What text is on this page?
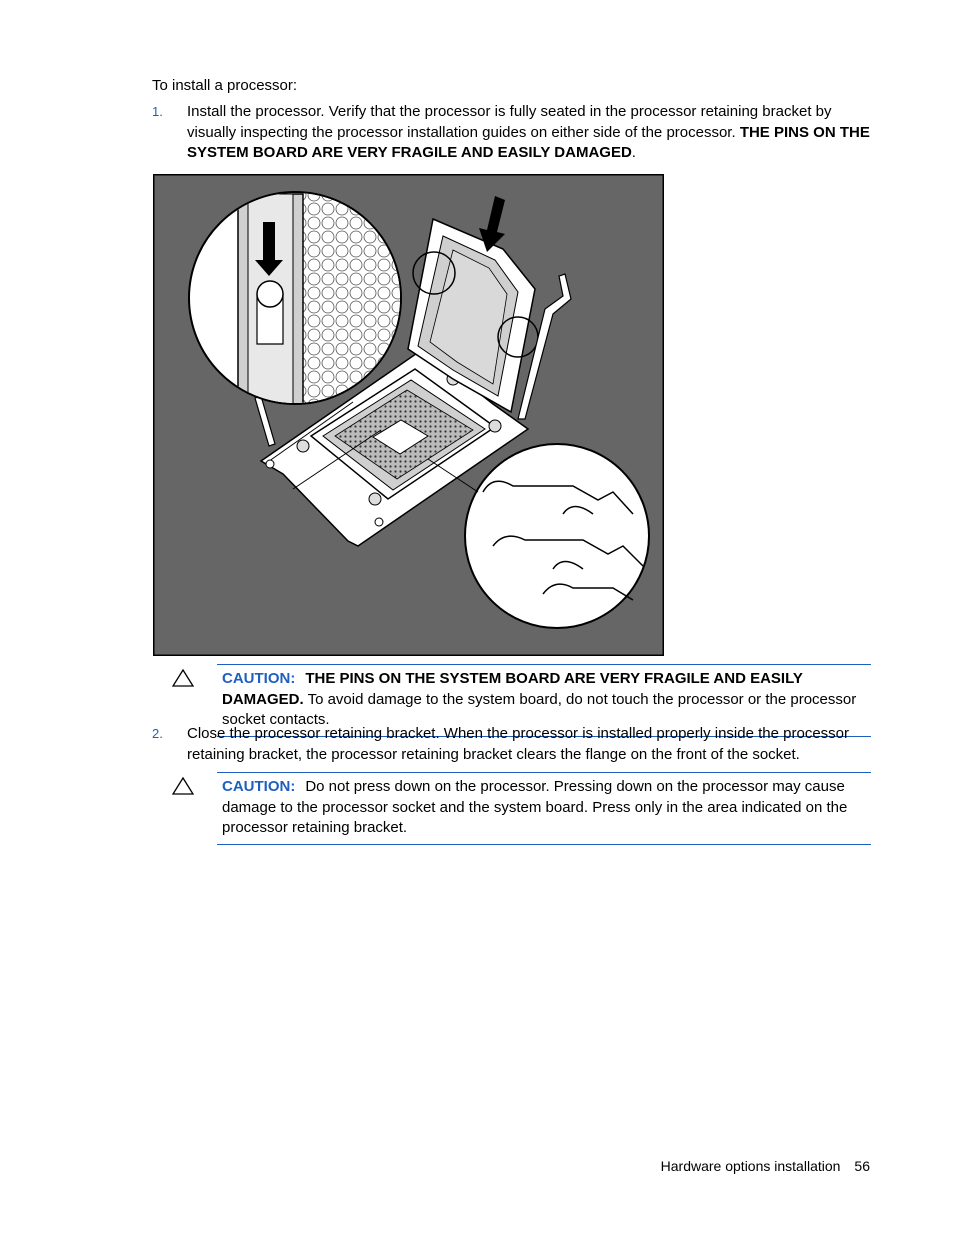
To install a processor:
1. Install the processor. Verify that the processor is fully seated in the processor retaining bracket by visually inspecting the processor installation guides on either side of the processor. THE PINS ON THE SYSTEM BOARD ARE VERY FRAGILE AND EASILY DAMAGED.
CAUTION: THE PINS ON THE SYSTEM BOARD ARE VERY FRAGILE AND EASILY DAMAGED. To avoid damage to the system board, do not touch the processor or the processor socket contacts.
2. Close the processor retaining bracket. When the processor is installed properly inside the processor retaining bracket, the processor retaining bracket clears the flange on the front of the socket.
CAUTION: Do not press down on the processor. Pressing down on the processor may cause damage to the processor socket and the system board. Press only in the area indicated on the processor retaining bracket.
Hardware options installation 56
